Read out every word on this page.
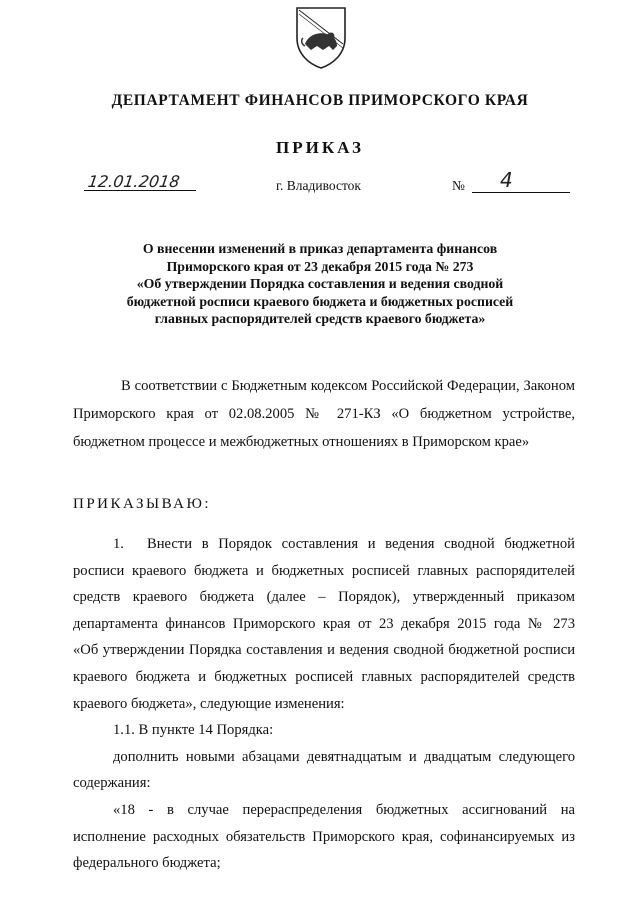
ДЕПАРТАМЕНТ ФИНАНСОВ ПРИМОРСКОГО КРАЯ
ПРИКАЗ
12.01.2018	г. Владивосток	№ 4
О внесении изменений в приказ департамента финансов
Приморского края от 23 декабря 2015 года № 273
«Об утверждении Порядка составления и ведения сводной
бюджетной росписи краевого бюджета и бюджетных росписей
главных распорядителей средств краевого бюджета»
В соответствии с Бюджетным кодексом Российской Федерации, Законом
Приморского края от 02.08.2005 № 271-КЗ «О бюджетном устройстве,
бюджетном процессе и межбюджетных отношениях в Приморском крае»
ПРИКАЗЫВАЮ:
1.	Внести в Порядок составления и ведения сводной бюджетной
росписи краевого бюджета и бюджетных росписей главных распорядителей
средств краевого бюджета (далее – Порядок), утвержденный приказом
департамента финансов Приморского края от 23 декабря 2015 года № 273
«Об утверждении Порядка составления и ведения сводной бюджетной росписи
краевого бюджета и бюджетных росписей главных распорядителей средств
краевого бюджета», следующие изменения:
1.1. В пункте 14 Порядка:
дополнить новыми абзацами девятнадцатым и двадцатым следующего
содержания:
«18 - в случае перераспределения бюджетных ассигнований на
исполнение расходных обязательств Приморского края, софинансируемых из
федерального бюджета;
